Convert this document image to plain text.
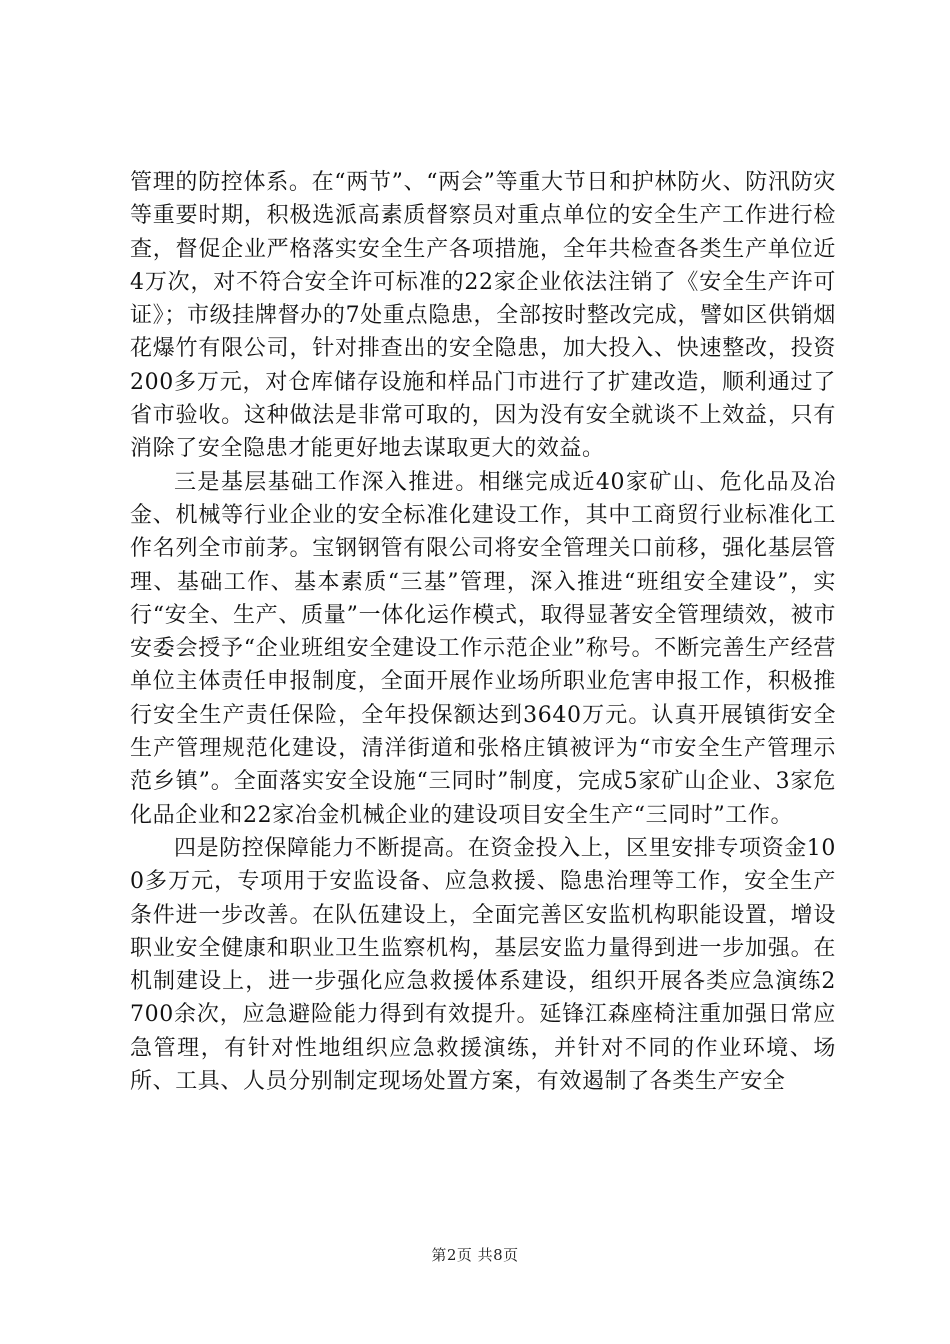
管理的防控体系。在“两节”、“两会”等重大节日和护林防火、防汛防灾等重要时期，积极选派高素质督察员对重点单位的安全生产工作进行检查，督促企业严格落实安全生产各项措施，全年共检查各类生产单位近4万次，对不符合安全许可标准的22家企业依法注销了《安全生产许可证》；市级挂牌督办的7处重点隐患，全部按时整改完成，譬如区供销烟花爆竹有限公司，针对排查出的安全隐患，加大投入、快速整改，投资200多万元，对仓库储存设施和样品门市进行了扩建改造，顺利通过了省市验收。这种做法是非常可取的，因为没有安全就谈不上效益，只有消除了安全隐患才能更好地去谋取更大的效益。

三是基层基础工作深入推进。相继完成近40家矿山、危化品及冶金、机械等行业企业的安全标准化建设工作，其中工商贸行业标准化工作名列全市前茅。宝钢钢管有限公司将安全管理关口前移，强化基层管理、基础工作、基本素质“三基”管理，深入推进“班组安全建设”，实行“安全、生产、质量”一体化运作模式，取得显著安全管理绩效，被市安委会授予“企业班组安全建设工作示范企业”称号。不断完善生产经营单位主体责任申报制度，全面开展作业场所职业危害申报工作，积极推行安全生产责任保险，全年投保额达到3640万元。认真开展镇街安全生产管理规范化建设，清洋街道和张格庄镇被评为“市安全生产管理示范乡镇”。全面落实安全设施“三同时”制度，完成5家矿山企业、3家危化品企业和22家冶金机械企业的建设项目安全生产“三同时”工作。

四是防控保障能力不断提高。在资金投入上，区里安排专项资金100多万元，专项用于安监设备、应急救援、隐患治理等工作，安全生产条件进一步改善。在队伍建设上，全面完善区安监机构职能设置，增设职业安全健康和职业卫生监察机构，基层安监力量得到进一步加强。在机制建设上，进一步强化应急救援体系建设，组织开展各类应急演练2700余次，应急避险能力得到有效提升。延锋江森座椅注重加强日常应急管理，有针对性地组织应急救援演练，并针对不同的作业环境、场所、工具、人员分别制定现场处置方案，有效遏制了各类生产安全

第2页 共8页
